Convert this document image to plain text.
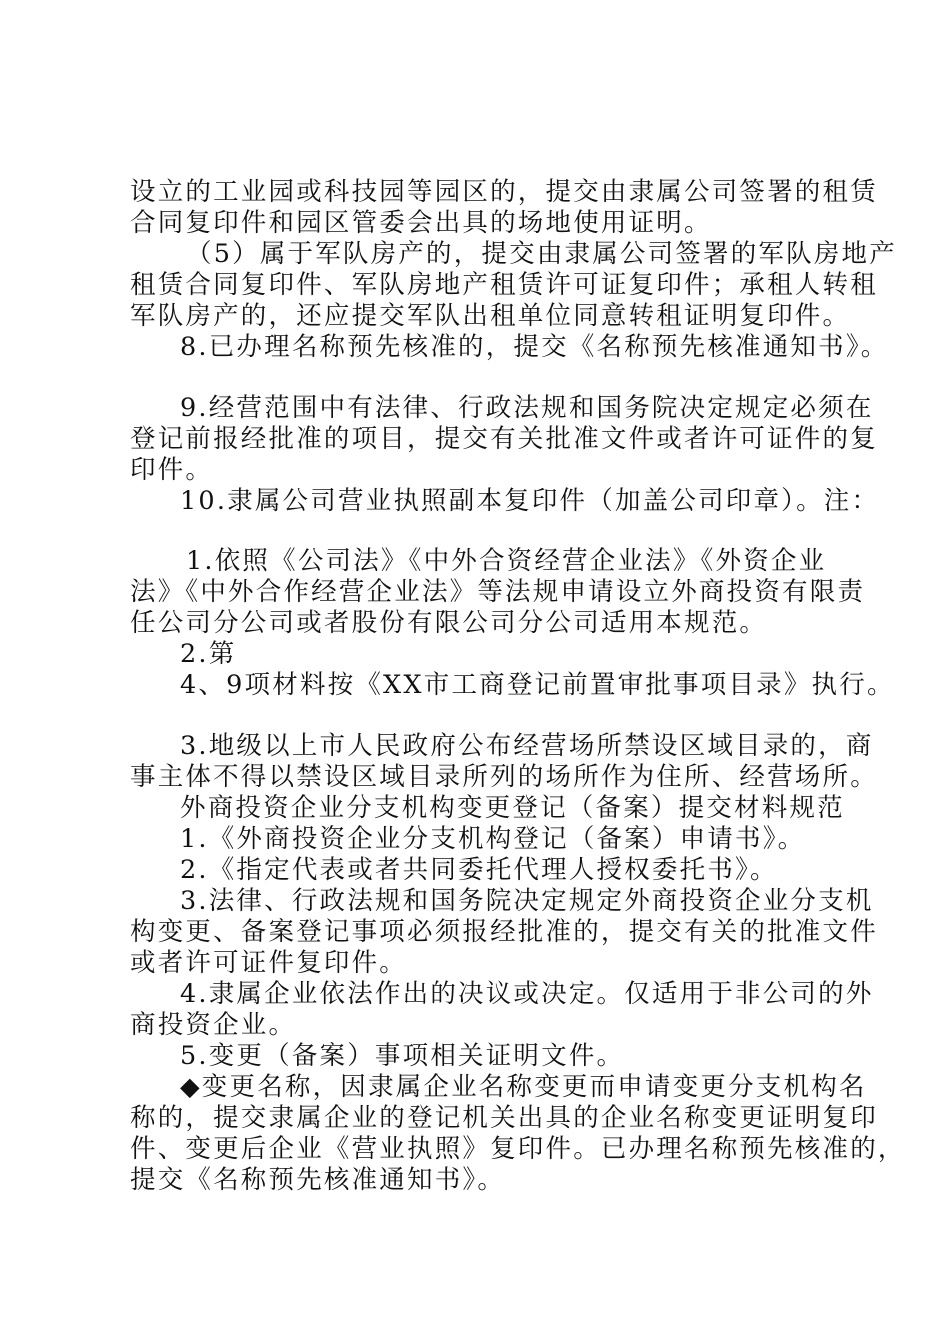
设立的工业园或科技园等园区的，提交由隶属公司签署的租赁
合同复印件和园区管委会出具的场地使用证明。
（5）属于军队房产的，提交由隶属公司签署的军队房地产
租赁合同复印件、军队房地产租赁许可证复印件；承租人转租
军队房产的，还应提交军队出租单位同意转租证明复印件。
8.已办理名称预先核准的，提交《名称预先核准通知书》。
9.经营范围中有法律、行政法规和国务院决定规定必须在
登记前报经批准的项目，提交有关批准文件或者许可证件的复
印件。
10.隶属公司营业执照副本复印件（加盖公司印章）。注：
1.依照《公司法》《中外合资经营企业法》《外资企业
法》《中外合作经营企业法》等法规申请设立外商投资有限责
任公司分公司或者股份有限公司分公司适用本规范。
2.第
4、9项材料按《XX市工商登记前置审批事项目录》执行。
3.地级以上市人民政府公布经营场所禁设区域目录的，商
事主体不得以禁设区域目录所列的场所作为住所、经营场所。
外商投资企业分支机构变更登记（备案）提交材料规范
1.《外商投资企业分支机构登记（备案）申请书》。
2.《指定代表或者共同委托代理人授权委托书》。
3.法律、行政法规和国务院决定规定外商投资企业分支机
构变更、备案登记事项必须报经批准的，提交有关的批准文件
或者许可证件复印件。
4.隶属企业依法作出的决议或决定。仅适用于非公司的外
商投资企业。
5.变更（备案）事项相关证明文件。
◆变更名称，因隶属企业名称变更而申请变更分支机构名
称的，提交隶属企业的登记机关出具的企业名称变更证明复印
件、变更后企业《营业执照》复印件。已办理名称预先核准的，
提交《名称预先核准通知书》。
